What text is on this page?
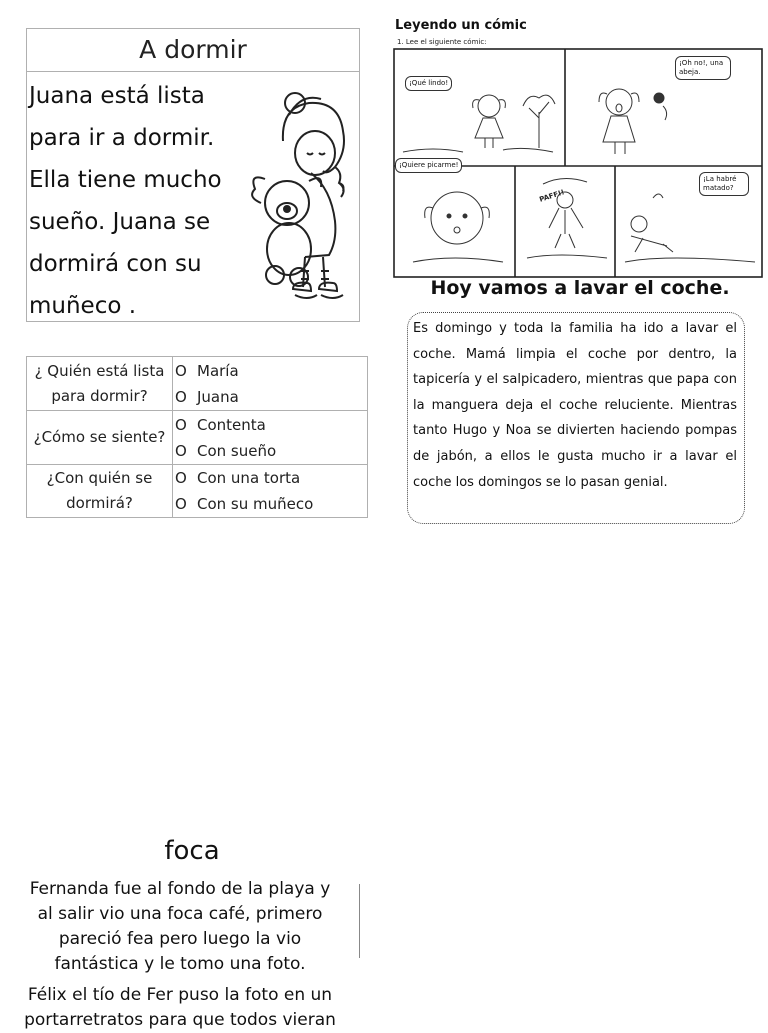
A dormir
Juana está lista
para ir a dormir.
Ella tiene mucho
sueño. Juana se
dormirá con su
muñeco .
¿ Quién está lista
para dormir?
O María
O Juana
¿Cómo se siente?
O Contenta
O Con sueño
¿Con quién se
dormirá?
O Con una torta
O Con su muñeco
Leyendo un cómic
1. Lee el siguiente cómic:
¡Qué lindo!
¡Oh no!, una abeja.
¡Quiere picarme!
¡La habré matado?
PAFF!!
Hoy vamos a lavar el coche.
Es domingo y toda la familia ha ido a lavar el coche. Mamá limpia el coche por dentro, la tapicería y el salpicadero, mientras que papa con la manguera deja el coche reluciente. Mientras tanto Hugo y Noa se divierten haciendo pompas de jabón, a ellos le gusta mucho ir a lavar el coche los domingos se lo pasan genial.
foca
Fernanda fue al fondo de la playa y
al salir vio una foca café, primero
pareció fea pero luego la vio
fantástica y le tomo una foto.
Félix el tío de Fer puso la foto en un
portarretratos para que todos vieran
